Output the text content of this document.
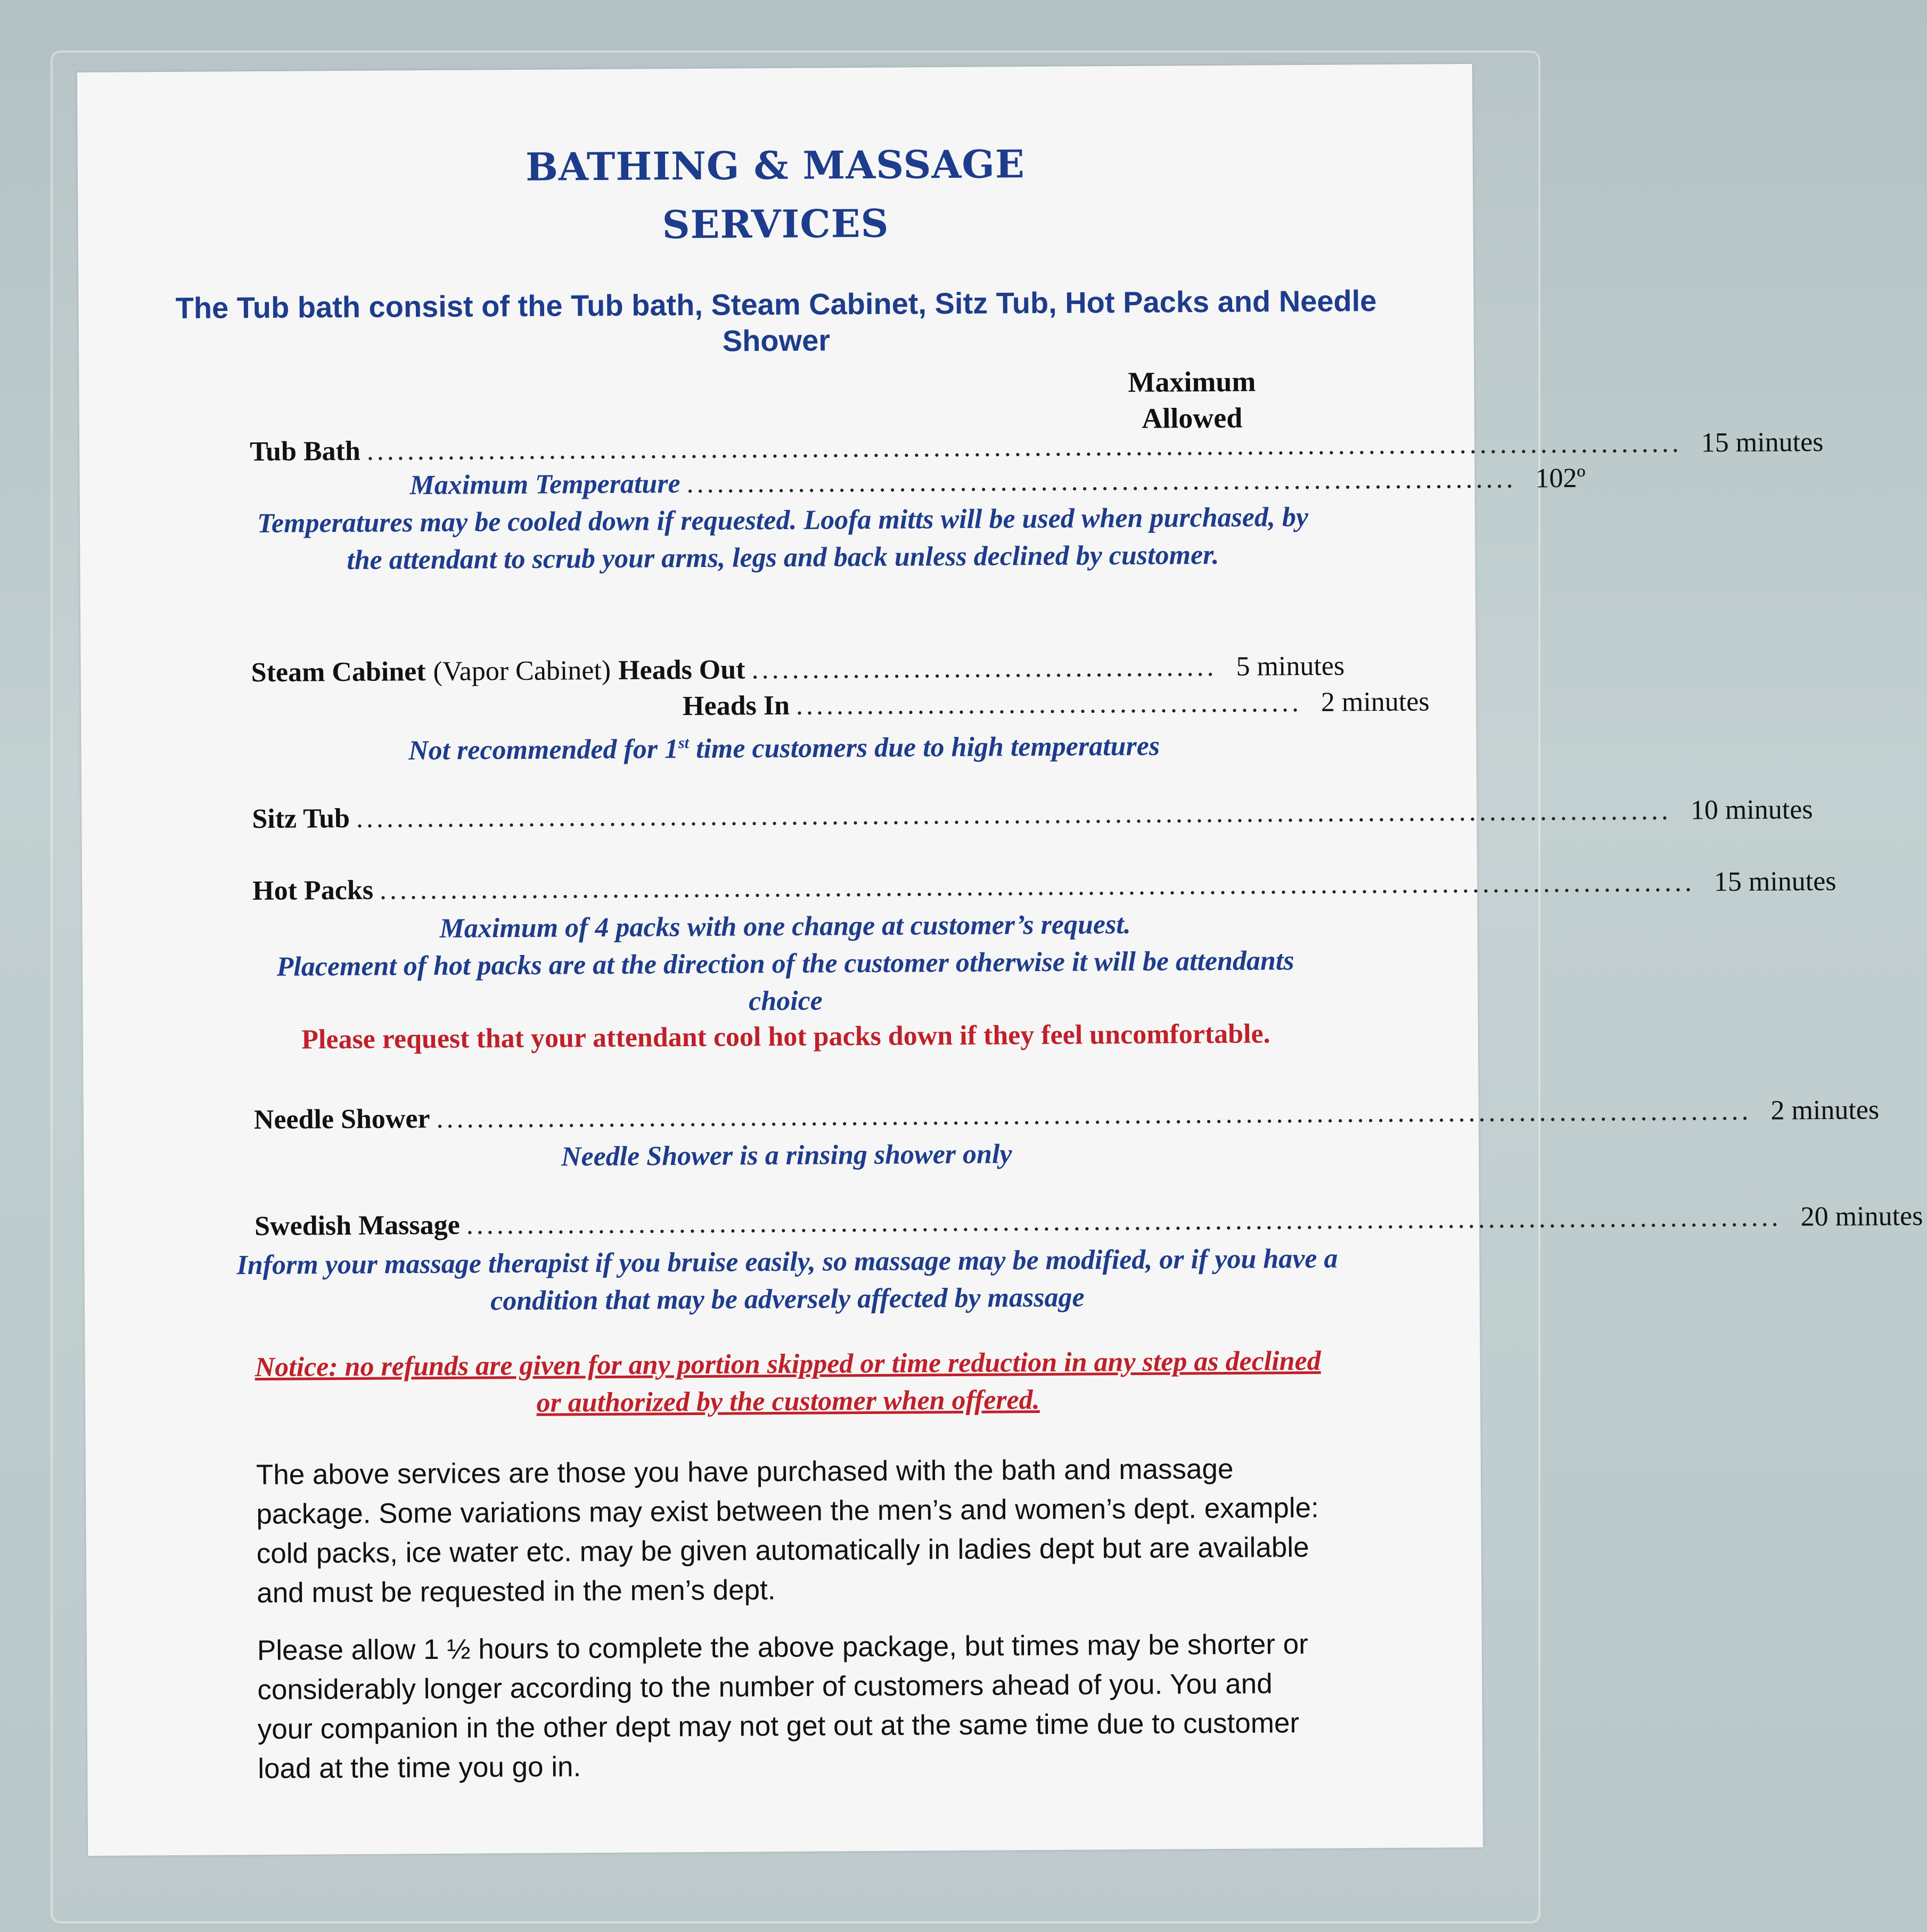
BATHING & MASSAGE
SERVICES
The Tub bath consist of the Tub bath, Steam Cabinet, Sitz Tub, Hot Packs and Needle Shower
Maximum Allowed
Tub Bath .................................................................................................................................. 15 minutes
Maximum Temperature .................................................................................. 102º
Temperatures may be cooled down if requested. Loofa mitts will be used when purchased, by the attendant to scrub your arms, legs and back unless declined by customer.
Steam Cabinet (Vapor Cabinet) Heads Out .............................................. 5 minutes
Heads In .................................................. 2 minutes
Not recommended for 1st time customers due to high temperatures
Sitz Tub .................................................................................................................................. 10 minutes
Hot Packs .................................................................................................................................. 15 minutes
Maximum of 4 packs with one change at customer’s request.
Placement of hot packs are at the direction of the customer otherwise it will be attendants choice
Please request that your attendant cool hot packs down if they feel uncomfortable.
Needle Shower .................................................................................................................................. 2 minutes
Needle Shower is a rinsing shower only
Swedish Massage .................................................................................................................................. 20 minutes
Inform your massage therapist if you bruise easily, so massage may be modified, or if you have a condition that may be adversely affected by massage
Notice: no refunds are given for any portion skipped or time reduction in any step as declined or authorized by the customer when offered.
The above services are those you have purchased with the bath and massage package. Some variations may exist between the men’s and women’s dept. example: cold packs, ice water etc. may be given automatically in ladies dept but are available and must be requested in the men’s dept.
Please allow 1 ½ hours to complete the above package, but times may be shorter or considerably longer according to the number of customers ahead of you. You and your companion in the other dept may not get out at the same time due to customer load at the time you go in.
